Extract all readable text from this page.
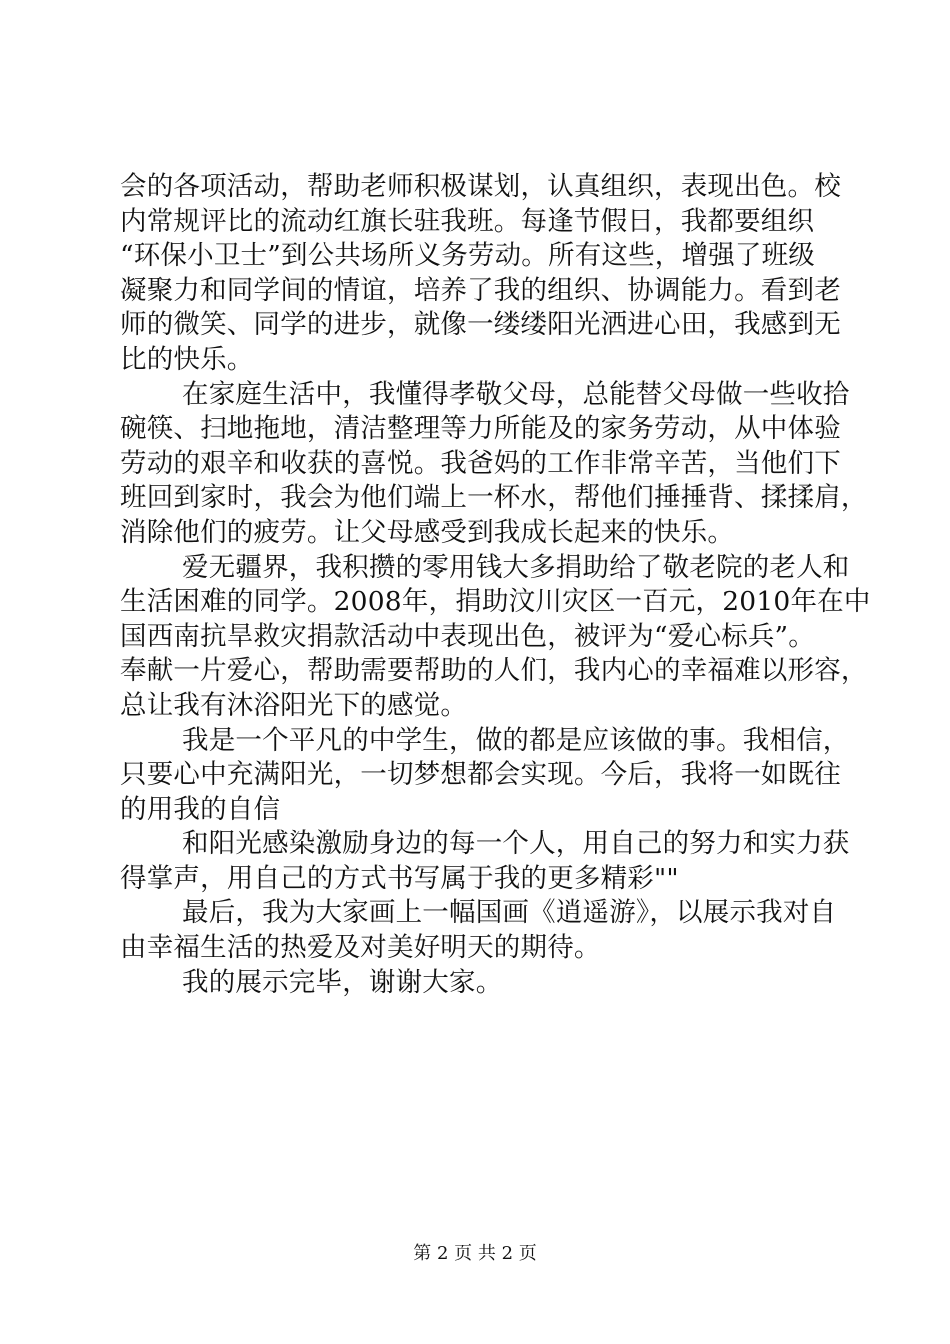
会的各项活动，帮助老师积极谋划，认真组织，表现出色。校
内常规评比的流动红旗长驻我班。每逢节假日，我都要组织
“环保小卫士”到公共场所义务劳动。所有这些，增强了班级
凝聚力和同学间的情谊，培养了我的组织、协调能力。看到老
师的微笑、同学的进步，就像一缕缕阳光洒进心田，我感到无
比的快乐。
在家庭生活中，我懂得孝敬父母，总能替父母做一些收拾
碗筷、扫地拖地，清洁整理等力所能及的家务劳动，从中体验
劳动的艰辛和收获的喜悦。我爸妈的工作非常辛苦，当他们下
班回到家时，我会为他们端上一杯水，帮他们捶捶背、揉揉肩，
消除他们的疲劳。让父母感受到我成长起来的快乐。
爱无疆界，我积攒的零用钱大多捐助给了敬老院的老人和
生活困难的同学。2008年，捐助汶川灾区一百元，2010年在中
国西南抗旱救灾捐款活动中表现出色，被评为“爱心标兵”。
奉献一片爱心，帮助需要帮助的人们，我内心的幸福难以形容，
总让我有沐浴阳光下的感觉。
我是一个平凡的中学生，做的都是应该做的事。我相信，
只要心中充满阳光，一切梦想都会实现。今后，我将一如既往
的用我的自信
和阳光感染激励身边的每一个人，用自己的努力和实力获
得掌声，用自己的方式书写属于我的更多精彩""
最后，我为大家画上一幅国画《逍遥游》，以展示我对自
由幸福生活的热爱及对美好明天的期待。
我的展示完毕，谢谢大家。
第 2 页 共 2 页
